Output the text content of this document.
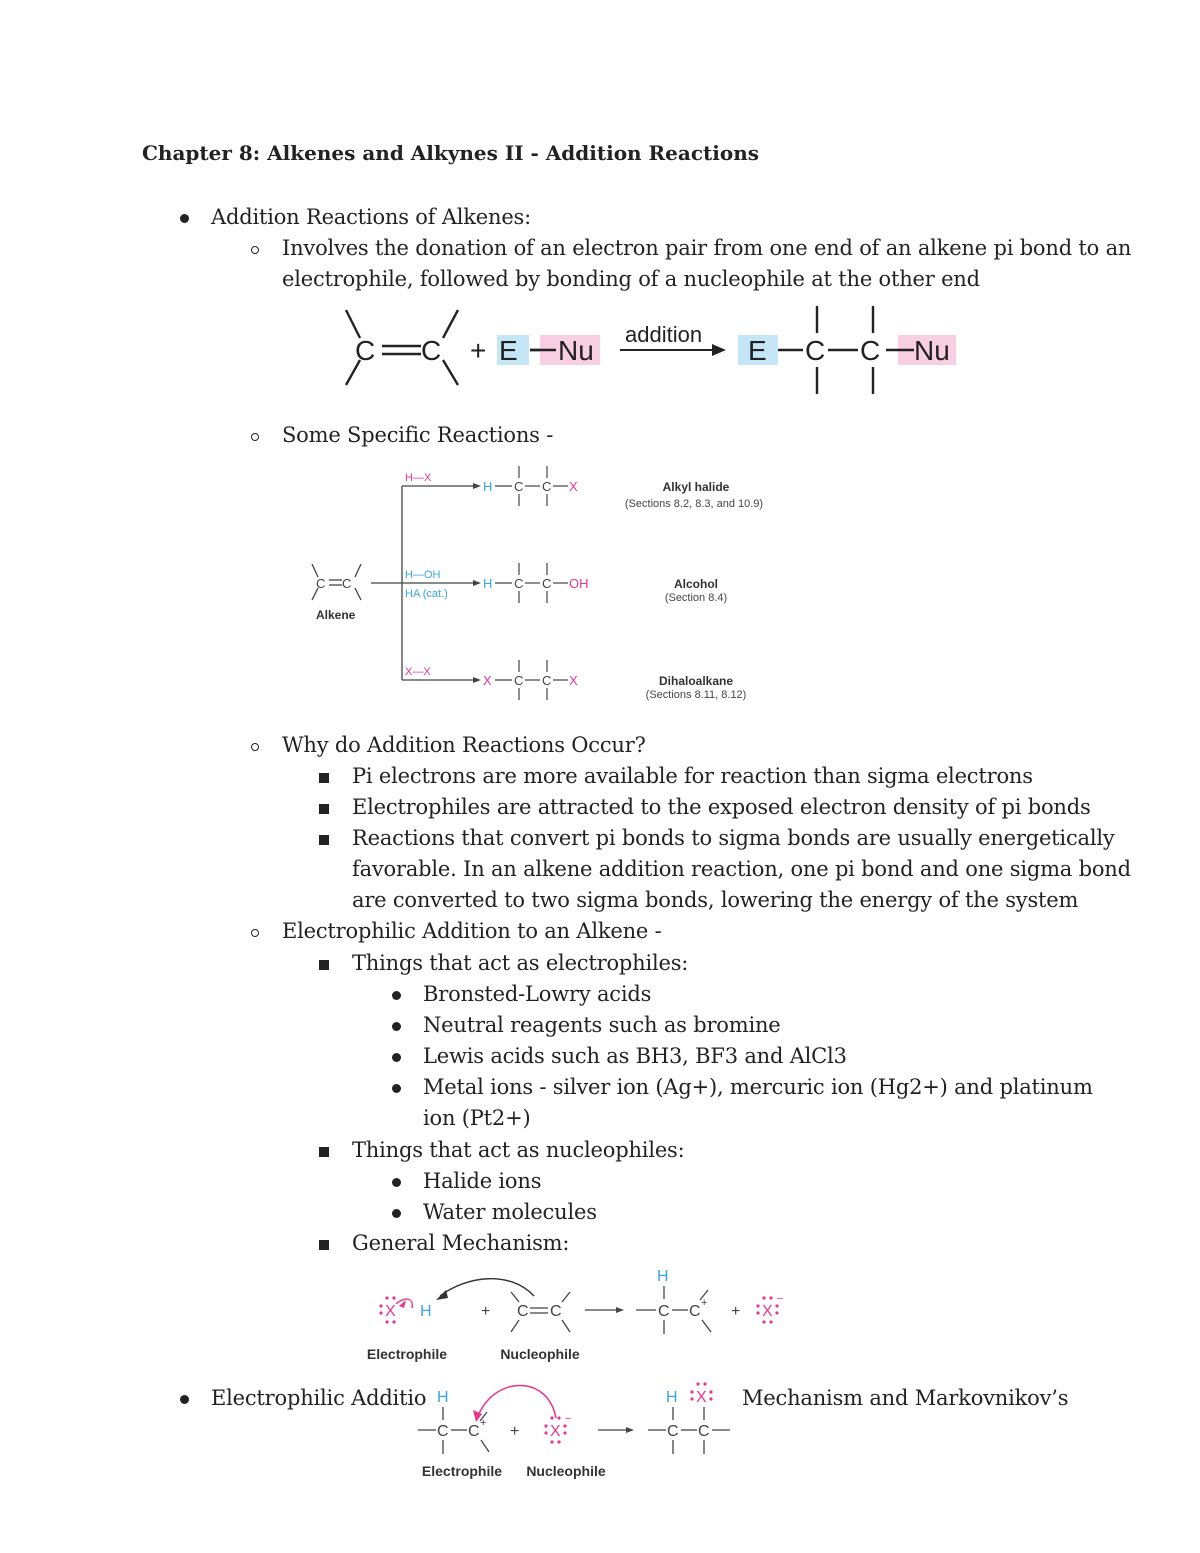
Chapter 8: Alkenes and Alkynes II - Addition Reactions
Addition Reactions of Alkenes:
Involves the donation of an electron pair from one end of an alkene pi bond to an
electrophile, followed by bonding of a nucleophile at the other end
C C + E Nu
addition
E C C Nu
Some Specific Reactions -
C C
Alkene
H—X
H—OH
HA (cat.)
X—X
H C C X
H C C OH
X C C X
Alkyl halide
(Sections 8.2, 8.3, and 10.9)
Alcohol
(Section 8.4)
Dihaloalkane
(Sections 8.11, 8.12)
Why do Addition Reactions Occur?
Pi electrons are more available for reaction than sigma electrons
Electrophiles are attracted to the exposed electron density of pi bonds
Reactions that convert pi bonds to sigma bonds are usually energetically
favorable. In an alkene addition reaction, one pi bond and one sigma bond
are converted to two sigma bonds, lowering the energy of the system
Electrophilic Addition to an Alkene -
Things that act as electrophiles:
Bronsted-Lowry acids
Neutral reagents such as bromine
Lewis acids such as BH3, BF3 and AlCl3
Metal ions - silver ion (Ag+), mercuric ion (Hg2+) and platinum
ion (Pt2+)
Things that act as nucleophiles:
Halide ions
Water molecules
General Mechanism:
X H	+ C C
H
C C + + X
−
Electrophile	Nucleophile
Electrophilic Additio	Mechanism and Markovnikov’s
H
C C + + X
−
H X
C C
Electrophile Nucleophile
